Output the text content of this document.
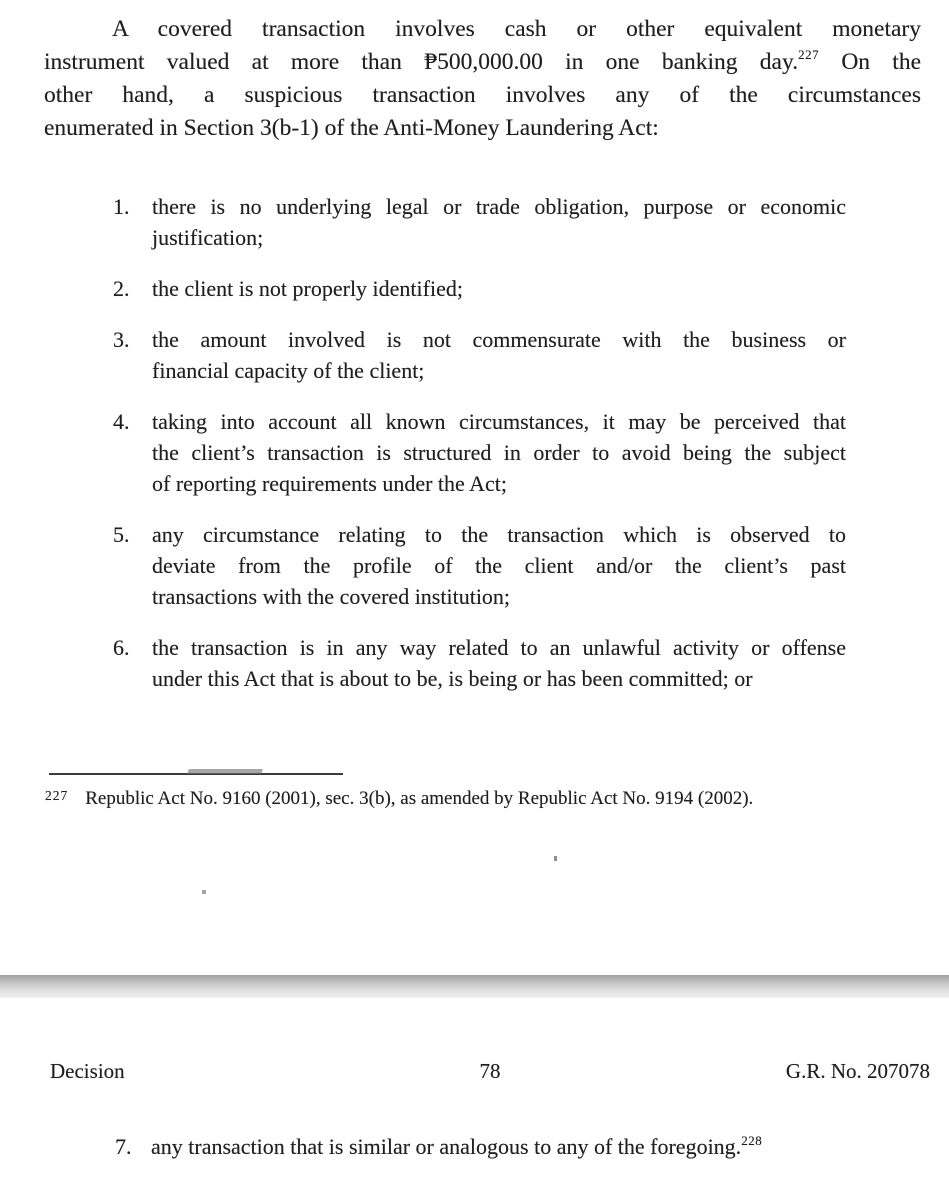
A covered transaction involves cash or other equivalent monetary
instrument valued at more than ₱500,000.00 in one banking day.$^{227}$ On the
other hand, a suspicious transaction involves any of the circumstances
enumerated in Section 3(b-1) of the Anti-Money Laundering Act:
1.	there is no underlying legal or trade obligation, purpose or economic
justification;
2.	the client is not properly identified;
3.	the amount involved is not commensurate with the business or
financial capacity of the client;
4.	taking into account all known circumstances, it may be perceived that
the client’s transaction is structured in order to avoid being the subject
of reporting requirements under the Act;
5.	any circumstance relating to the transaction which is observed to
deviate from the profile of the client and/or the client’s past
transactions with the covered institution;
6.	the transaction is in any way related to an unlawful activity or offense
under this Act that is about to be, is being or has been committed; or
$^{227}$ Republic Act No. 9160 (2001), sec. 3(b), as amended by Republic Act No. 9194 (2002).
Decision	78	G.R. No. 207078
7. any transaction that is similar or analogous to any of the foregoing.$^{228}$
